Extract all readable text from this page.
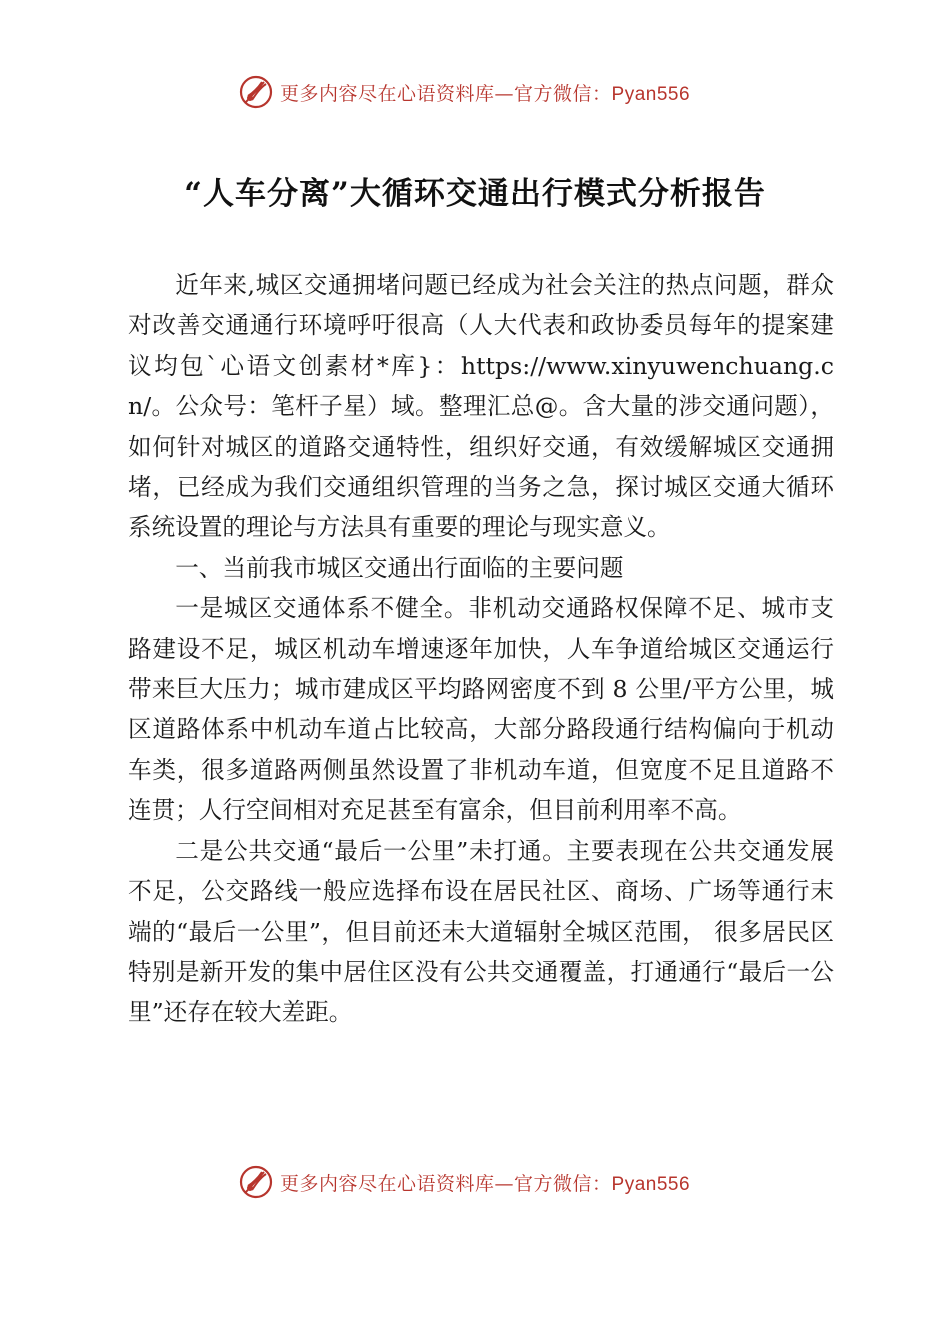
更多内容尽在心语资料库—官方微信：Pyan556
“人车分离”大循环交通出行模式分析报告

近年来,城区交通拥堵问题已经成为社会关注的热点问题，群众对改善交通通行环境呼吁很高（人大代表和政协委员每年的提案建议均包`心语文创素材*库}：https://www.xinyuwenchuang.cn/。公众号：笔杆子星）域。整理汇总@。含大量的涉交通问题），如何针对城区的道路交通特性，组织好交通，有效缓解城区交通拥堵，已经成为我们交通组织管理的当务之急，探讨城区交通大循环系统设置的理论与方法具有重要的理论与现实意义。

一、当前我市城区交通出行面临的主要问题

一是城区交通体系不健全。非机动交通路权保障不足、城市支路建设不足，城区机动车增速逐年加快，人车争道给城区交通运行带来巨大压力；城市建成区平均路网密度不到 8 公里/平方公里，城区道路体系中机动车道占比较高，大部分路段通行结构偏向于机动车类，很多道路两侧虽然设置了非机动车道，但宽度不足且道路不连贯；人行空间相对充足甚至有富余，但目前利用率不高。

二是公共交通“最后一公里”未打通。主要表现在公共交通发展不足，公交路线一般应选择布设在居民社区、商场、广场等通行末端的“最后一公里”，但目前还未大道辐射全城区范围， 很多居民区特别是新开发的集中居住区没有公共交通覆盖，打通通行“最后一公里”还存在较大差距。

更多内容尽在心语资料库—官方微信：Pyan556
